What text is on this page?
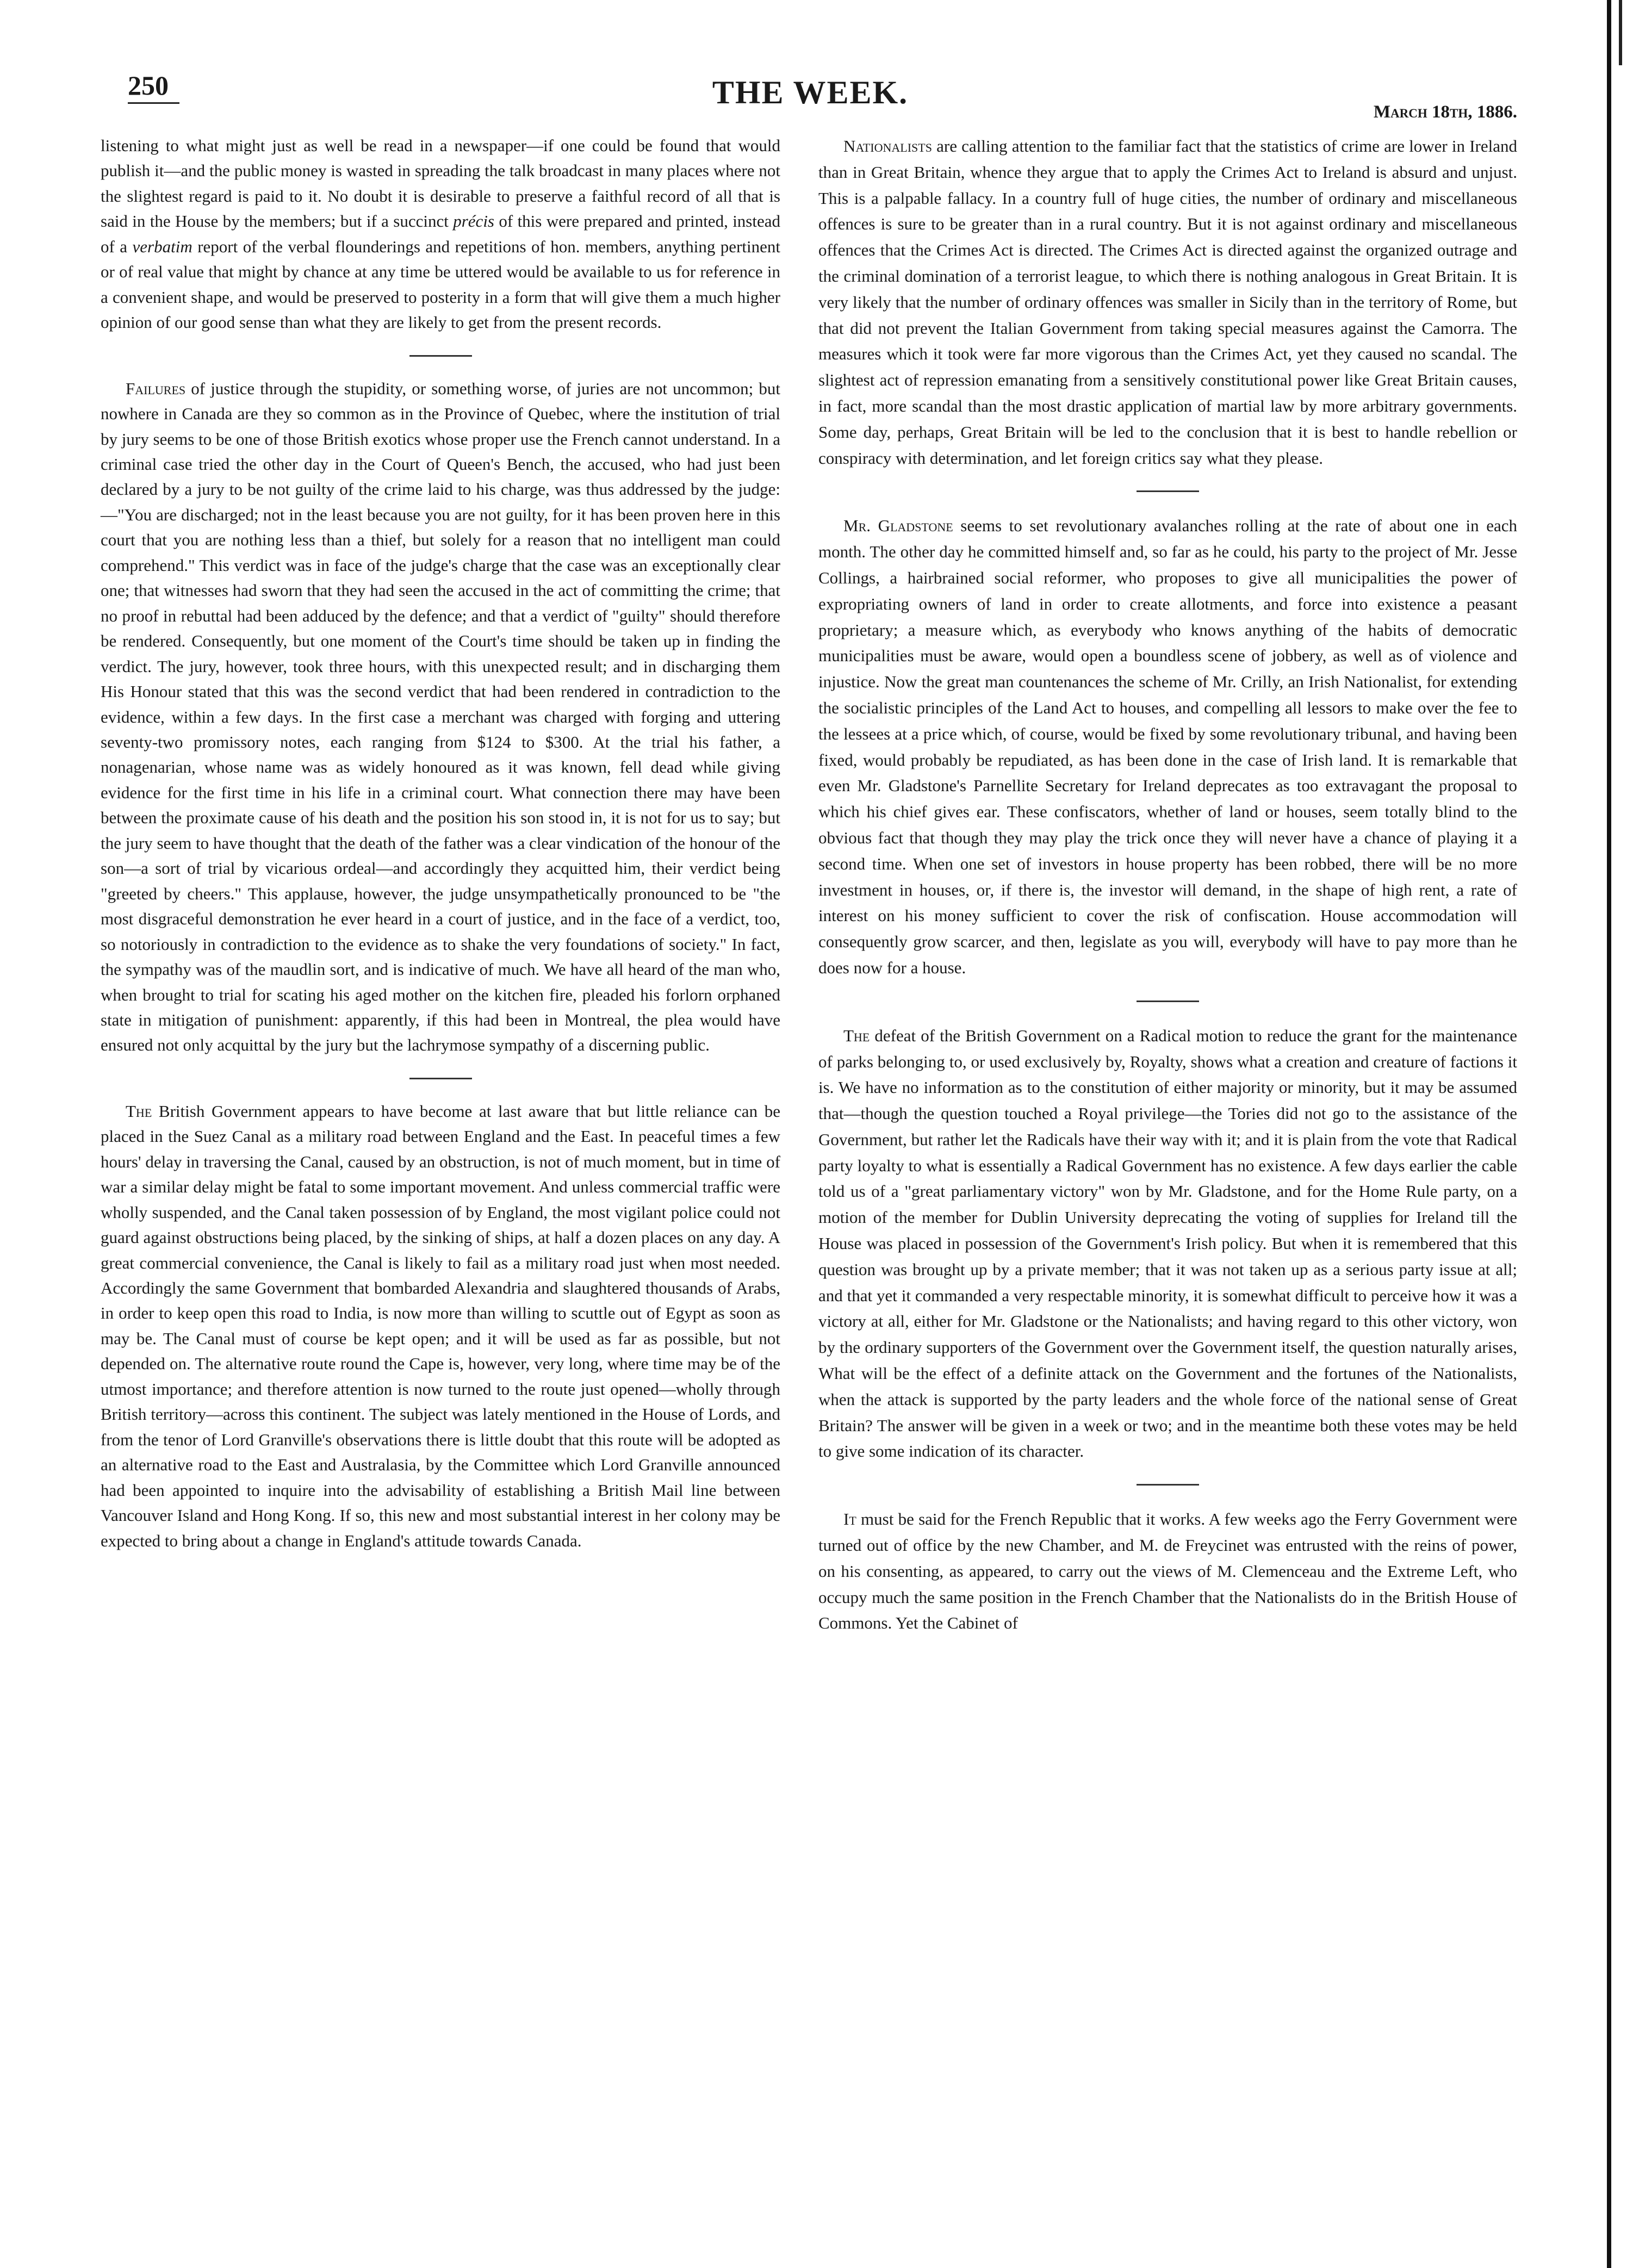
250	THE WEEK.
March 18th, 1886.

listening to what might just as well be read in a newspaper—if one could be found that would publish it—and the public money is wasted in spreading the talk broadcast in many places where not the slightest regard is paid to it. No doubt it is desirable to preserve a faithful record of all that is said in the House by the members; but if a succinct précis of this were prepared and printed, instead of a verbatim report of the verbal flounderings and repetitions of hon. members, anything pertinent or of real value that might by chance at any time be uttered would be available to us for reference in a convenient shape, and would be preserved to posterity in a form that will give them a much higher opinion of our good sense than what they are likely to get from the present records.

Failures of justice through the stupidity, or something worse, of juries are not uncommon; but nowhere in Canada are they so common as in the Province of Quebec, where the institution of trial by jury seems to be one of those British exotics whose proper use the French cannot understand. In a criminal case tried the other day in the Court of Queen's Bench, the accused, who had just been declared by a jury to be not guilty of the crime laid to his charge, was thus addressed by the judge:—"You are discharged; not in the least because you are not guilty, for it has been proven here in this court that you are nothing less than a thief, but solely for a reason that no intelligent man could comprehend." This verdict was in face of the judge's charge that the case was an exceptionally clear one; that witnesses had sworn that they had seen the accused in the act of committing the crime; that no proof in rebuttal had been adduced by the defence; and that a verdict of "guilty" should therefore be rendered. Consequently, but one moment of the Court's time should be taken up in finding the verdict. The jury, however, took three hours, with this unexpected result; and in discharging them His Honour stated that this was the second verdict that had been rendered in contradiction to the evidence, within a few days. In the first case a merchant was charged with forging and uttering seventy-two promissory notes, each ranging from $124 to $300. At the trial his father, a nonagenarian, whose name was as widely honoured as it was known, fell dead while giving evidence for the first time in his life in a criminal court. What connection there may have been between the proximate cause of his death and the position his son stood in, it is not for us to say; but the jury seem to have thought that the death of the father was a clear vindication of the honour of the son—a sort of trial by vicarious ordeal—and accordingly they acquitted him, their verdict being "greeted by cheers." This applause, however, the judge unsympathetically pronounced to be "the most disgraceful demonstration he ever heard in a court of justice, and in the face of a verdict, too, so notoriously in contradiction to the evidence as to shake the very foundations of society." In fact, the sympathy was of the maudlin sort, and is indicative of much. We have all heard of the man who, when brought to trial for scating his aged mother on the kitchen fire, pleaded his forlorn orphaned state in mitigation of punishment: apparently, if this had been in Montreal, the plea would have ensured not only acquittal by the jury but the lachrymose sympathy of a discerning public.

The British Government appears to have become at last aware that but little reliance can be placed in the Suez Canal as a military road between England and the East. In peaceful times a few hours' delay in traversing the Canal, caused by an obstruction, is not of much moment, but in time of war a similar delay might be fatal to some important movement. And unless commercial traffic were wholly suspended, and the Canal taken possession of by England, the most vigilant police could not guard against obstructions being placed, by the sinking of ships, at half a dozen places on any day. A great commercial convenience, the Canal is likely to fail as a military road just when most needed. Accordingly the same Government that bombarded Alexandria and slaughtered thousands of Arabs, in order to keep open this road to India, is now more than willing to scuttle out of Egypt as soon as may be. The Canal must of course be kept open; and it will be used as far as possible, but not depended on. The alternative route round the Cape is, however, very long, where time may be of the utmost importance; and therefore attention is now turned to the route just opened—wholly through British territory—across this continent. The subject was lately mentioned in the House of Lords, and from the tenor of Lord Granville's observations there is little doubt that this route will be adopted as an alternative road to the East and Australasia, by the Committee which Lord Granville announced had been appointed to inquire into the advisability of establishing a British Mail line between Vancouver Island and Hong Kong. If so, this new and most substantial interest in her colony may be expected to bring about a change in England's attitude towards Canada.

Nationalists are calling attention to the familiar fact that the statistics of crime are lower in Ireland than in Great Britain, whence they argue that to apply the Crimes Act to Ireland is absurd and unjust. This is a palpable fallacy. In a country full of huge cities, the number of ordinary and miscellaneous offences is sure to be greater than in a rural country. But it is not against ordinary and miscellaneous offences that the Crimes Act is directed. The Crimes Act is directed against the organized outrage and the criminal domination of a terrorist league, to which there is nothing analogous in Great Britain. It is very likely that the number of ordinary offences was smaller in Sicily than in the territory of Rome, but that did not prevent the Italian Government from taking special measures against the Camorra. The measures which it took were far more vigorous than the Crimes Act, yet they caused no scandal. The slightest act of repression emanating from a sensitively constitutional power like Great Britain causes, in fact, more scandal than the most drastic application of martial law by more arbitrary governments. Some day, perhaps, Great Britain will be led to the conclusion that it is best to handle rebellion or conspiracy with determination, and let foreign critics say what they please.

Mr. Gladstone seems to set revolutionary avalanches rolling at the rate of about one in each month. The other day he committed himself and, so far as he could, his party to the project of Mr. Jesse Collings, a hairbrained social reformer, who proposes to give all municipalities the power of expropriating owners of land in order to create allotments, and force into existence a peasant proprietary; a measure which, as everybody who knows anything of the habits of democratic municipalities must be aware, would open a boundless scene of jobbery, as well as of violence and injustice. Now the great man countenances the scheme of Mr. Crilly, an Irish Nationalist, for extending the socialistic principles of the Land Act to houses, and compelling all lessors to make over the fee to the lessees at a price which, of course, would be fixed by some revolutionary tribunal, and having been fixed, would probably be repudiated, as has been done in the case of Irish land. It is remarkable that even Mr. Gladstone's Parnellite Secretary for Ireland deprecates as too extravagant the proposal to which his chief gives ear. These confiscators, whether of land or houses, seem totally blind to the obvious fact that though they may play the trick once they will never have a chance of playing it a second time. When one set of investors in house property has been robbed, there will be no more investment in houses, or, if there is, the investor will demand, in the shape of high rent, a rate of interest on his money sufficient to cover the risk of confiscation. House accommodation will consequently grow scarcer, and then, legislate as you will, everybody will have to pay more than he does now for a house.

The defeat of the British Government on a Radical motion to reduce the grant for the maintenance of parks belonging to, or used exclusively by, Royalty, shows what a creation and creature of factions it is. We have no information as to the constitution of either majority or minority, but it may be assumed that—though the question touched a Royal privilege—the Tories did not go to the assistance of the Government, but rather let the Radicals have their way with it; and it is plain from the vote that Radical party loyalty to what is essentially a Radical Government has no existence. A few days earlier the cable told us of a "great parliamentary victory" won by Mr. Gladstone, and for the Home Rule party, on a motion of the member for Dublin University deprecating the voting of supplies for Ireland till the House was placed in possession of the Government's Irish policy. But when it is remembered that this question was brought up by a private member; that it was not taken up as a serious party issue at all; and that yet it commanded a very respectable minority, it is somewhat difficult to perceive how it was a victory at all, either for Mr. Gladstone or the Nationalists; and having regard to this other victory, won by the ordinary supporters of the Government over the Government itself, the question naturally arises, What will be the effect of a definite attack on the Government and the fortunes of the Nationalists, when the attack is supported by the party leaders and the whole force of the national sense of Great Britain? The answer will be given in a week or two; and in the meantime both these votes may be held to give some indication of its character.

It must be said for the French Republic that it works. A few weeks ago the Ferry Government were turned out of office by the new Chamber, and M. de Freycinet was entrusted with the reins of power, on his consenting, as appeared, to carry out the views of M. Clemenceau and the Extreme Left, who occupy much the same position in the French Chamber that the Nationalists do in the British House of Commons. Yet the Cabinet of
